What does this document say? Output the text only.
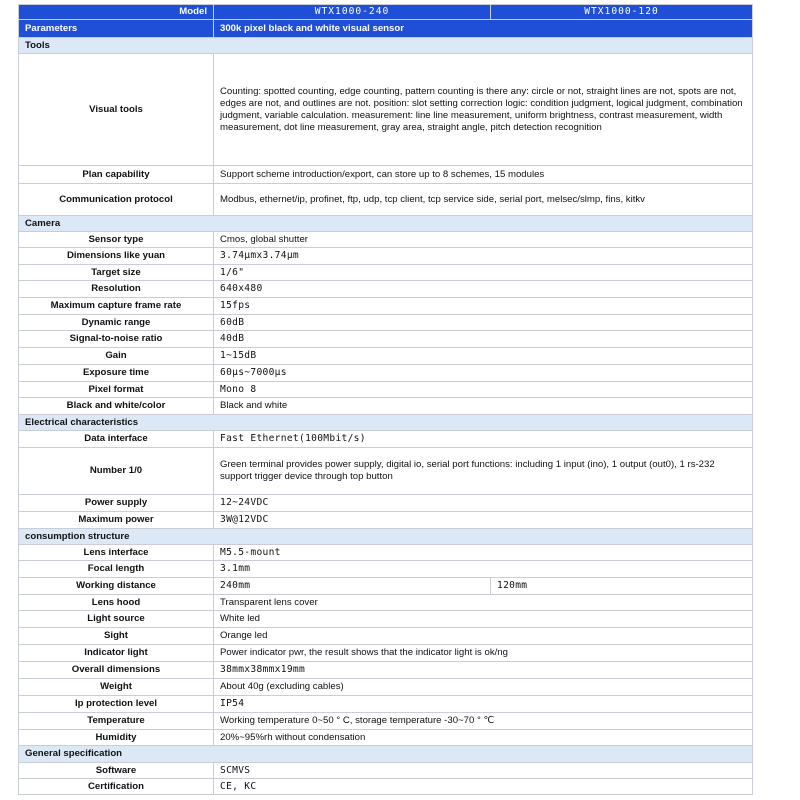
Model	WTX1000-240	WTX1000-120
Parameters	300k pixel black and white visual sensor	
Tools		
Visual tools	Counting: spotted counting, edge counting, pattern counting is there any: circle or not, straight lines are not, spots are not, edges are not, and outlines are not. position: slot setting correction logic: condition judgment, logical judgment, combination judgment, variable calculation. measurement: line line measurement, uniform brightness, contrast measurement, width measurement, dot line measurement, gray area, straight angle, pitch detection recognition	
Plan capability	Support scheme introduction/export, can store up to 8 schemes, 15 modules	
Communication protocol	Modbus, ethernet/ip, profinet, ftp, udp, tcp client, tcp service side, serial port, melsec/slmp, fins, kitkv	
Camera		
Sensor type	Cmos, global shutter	
Dimensions like yuan	3.74μmx3.74μm	
Target size	1/6"	
Resolution	640x480	
Maximum capture frame rate	15fps	
Dynamic range	60dB	
Signal-to-noise ratio	40dB	
Gain	1~15dB	
Exposure time	60μs~7000μs	
Pixel format	Mono 8	
Black and white/color	Black and white	
Electrical characteristics		
Data interface	Fast Ethernet(100Mbit/s)	
Number 1/0	Green terminal provides power supply, digital io, serial port functions: including 1 input (ino), 1 output (out0), 1 rs-232 support trigger device through top button	
Power supply	12~24VDC	
Maximum power	3W@12VDC	
consumption structure		
Lens interface	M5.5-mount	
Focal length	3.1mm	
Working distance	240mm	120mm
Lens hood	Transparent lens cover	
Light source	White led	
Sight	Orange led	
Indicator light	Power indicator pwr, the result shows that the indicator light is ok/ng	
Overall dimensions	38mmx38mmx19mm	
Weight	About 40g (excluding cables)	
Ip protection level	IP54	
Temperature	Working temperature 0~50 ° C, storage temperature -30~70 ° ℃	
Humidity	20%~95%rh without condensation	
General specification		
Software	SCMVS	
Certification	CE, KC	
